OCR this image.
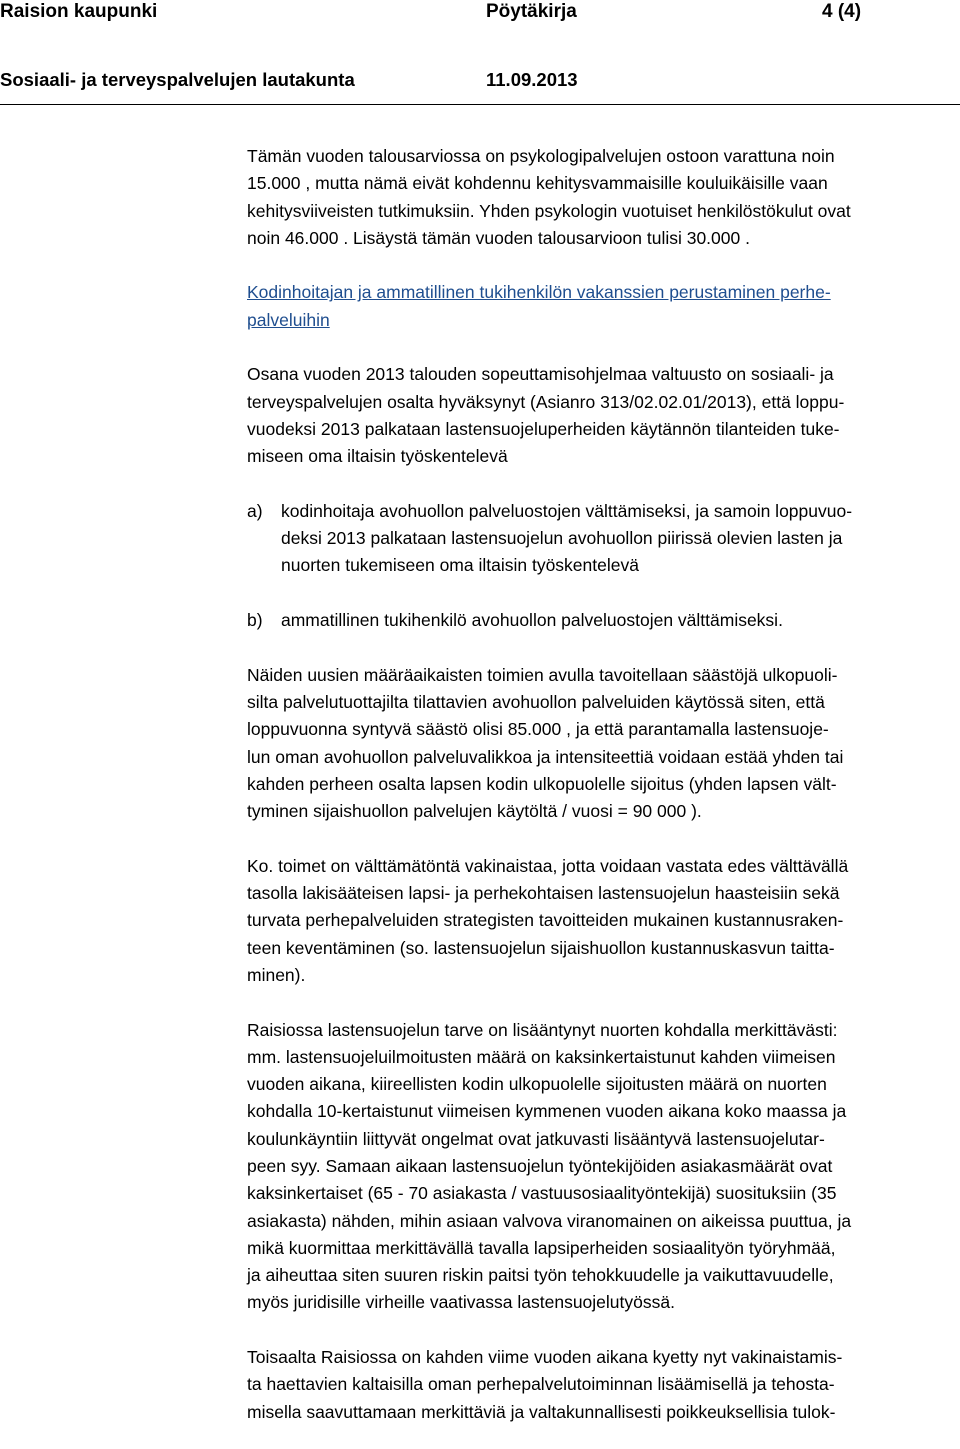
Raision kaupunki	Pöytäkirja	4 (4)
Sosiaali- ja terveyspalvelujen lautakunta	11.09.2013

Tämän vuoden talousarviossa on psykologipalvelujen ostoon varattuna noin

15.000 , mutta nämä eivät kohdennu kehitysvammaisille kouluikäisille vaan

kehitysviiveisten tutkimuksiin. Yhden psykologin vuotuiset henkilöstökulut ovat

noin 46.000 . Lisäystä tämän vuoden talousarvioon tulisi 30.000 .

Kodinhoitajan ja ammatillinen tukihenkilön vakanssien perustaminen perhe-

palveluihin

Osana vuoden 2013 talouden sopeuttamisohjelmaa valtuusto on sosiaali- ja

terveyspalvelujen osalta hyväksynyt (Asianro 313/02.02.01/2013), että loppu-

vuodeksi 2013 palkataan lastensuojeluperheiden käytännön tilanteiden tuke-

miseen oma iltaisin työskentelevä

a) kodinhoitaja avohuollon palveluostojen välttämiseksi, ja samoin loppuvuo-

deksi 2013 palkataan lastensuojelun avohuollon piirissä olevien lasten ja

nuorten tukemiseen oma iltaisin työskentelevä

b) ammatillinen tukihenkilö avohuollon palveluostojen välttämiseksi.

Näiden uusien määräaikaisten toimien avulla tavoitellaan säästöjä ulkopuoli-

silta palvelutuottajilta tilattavien avohuollon palveluiden käytössä siten, että

loppuvuonna syntyvä säästö olisi 85.000 , ja että parantamalla lastensuoje-

lun oman avohuollon palveluvalikkoa ja intensiteettiä voidaan estää yhden tai

kahden perheen osalta lapsen kodin ulkopuolelle sijoitus (yhden lapsen vält-

tyminen sijaishuollon palvelujen käytöltä / vuosi = 90 000 ).

Ko. toimet on välttämätöntä vakinaistaa, jotta voidaan vastata edes välttävällä

tasolla lakisääteisen lapsi- ja perhekohtaisen lastensuojelun haasteisiin sekä

turvata perhepalveluiden strategisten tavoitteiden mukainen kustannusraken-

teen keventäminen (so. lastensuojelun sijaishuollon kustannuskasvun taitta-

minen).

Raisiossa lastensuojelun tarve on lisääntynyt nuorten kohdalla merkittävästi:

mm. lastensuojeluilmoitusten määrä on kaksinkertaistunut kahden viimeisen

vuoden aikana, kiireellisten kodin ulkopuolelle sijoitusten määrä on nuorten

kohdalla 10-kertaistunut viimeisen kymmenen vuoden aikana koko maassa ja

koulunkäyntiin liittyvät ongelmat ovat jatkuvasti lisääntyvä lastensuojelutar-

peen syy. Samaan aikaan lastensuojelun työntekijöiden asiakasmäärät ovat

kaksinkertaiset (65 - 70 asiakasta / vastuusosiaalityöntekijä) suosituksiin (35

asiakasta) nähden, mihin asiaan valvova viranomainen on aikeissa puuttua, ja

mikä kuormittaa merkittävällä tavalla lapsiperheiden sosiaalityön työryhmää,

ja aiheuttaa siten suuren riskin paitsi työn tehokkuudelle ja vaikuttavuudelle,

myös juridisille virheille vaativassa lastensuojelutyössä.

Toisaalta Raisiossa on kahden viime vuoden aikana kyetty nyt vakinaistamis-

ta haettavien kaltaisilla oman perhepalvelutoiminnan lisäämisellä ja tehosta-

misella saavuttamaan merkittäviä ja valtakunnallisesti poikkeuksellisia tulok-
